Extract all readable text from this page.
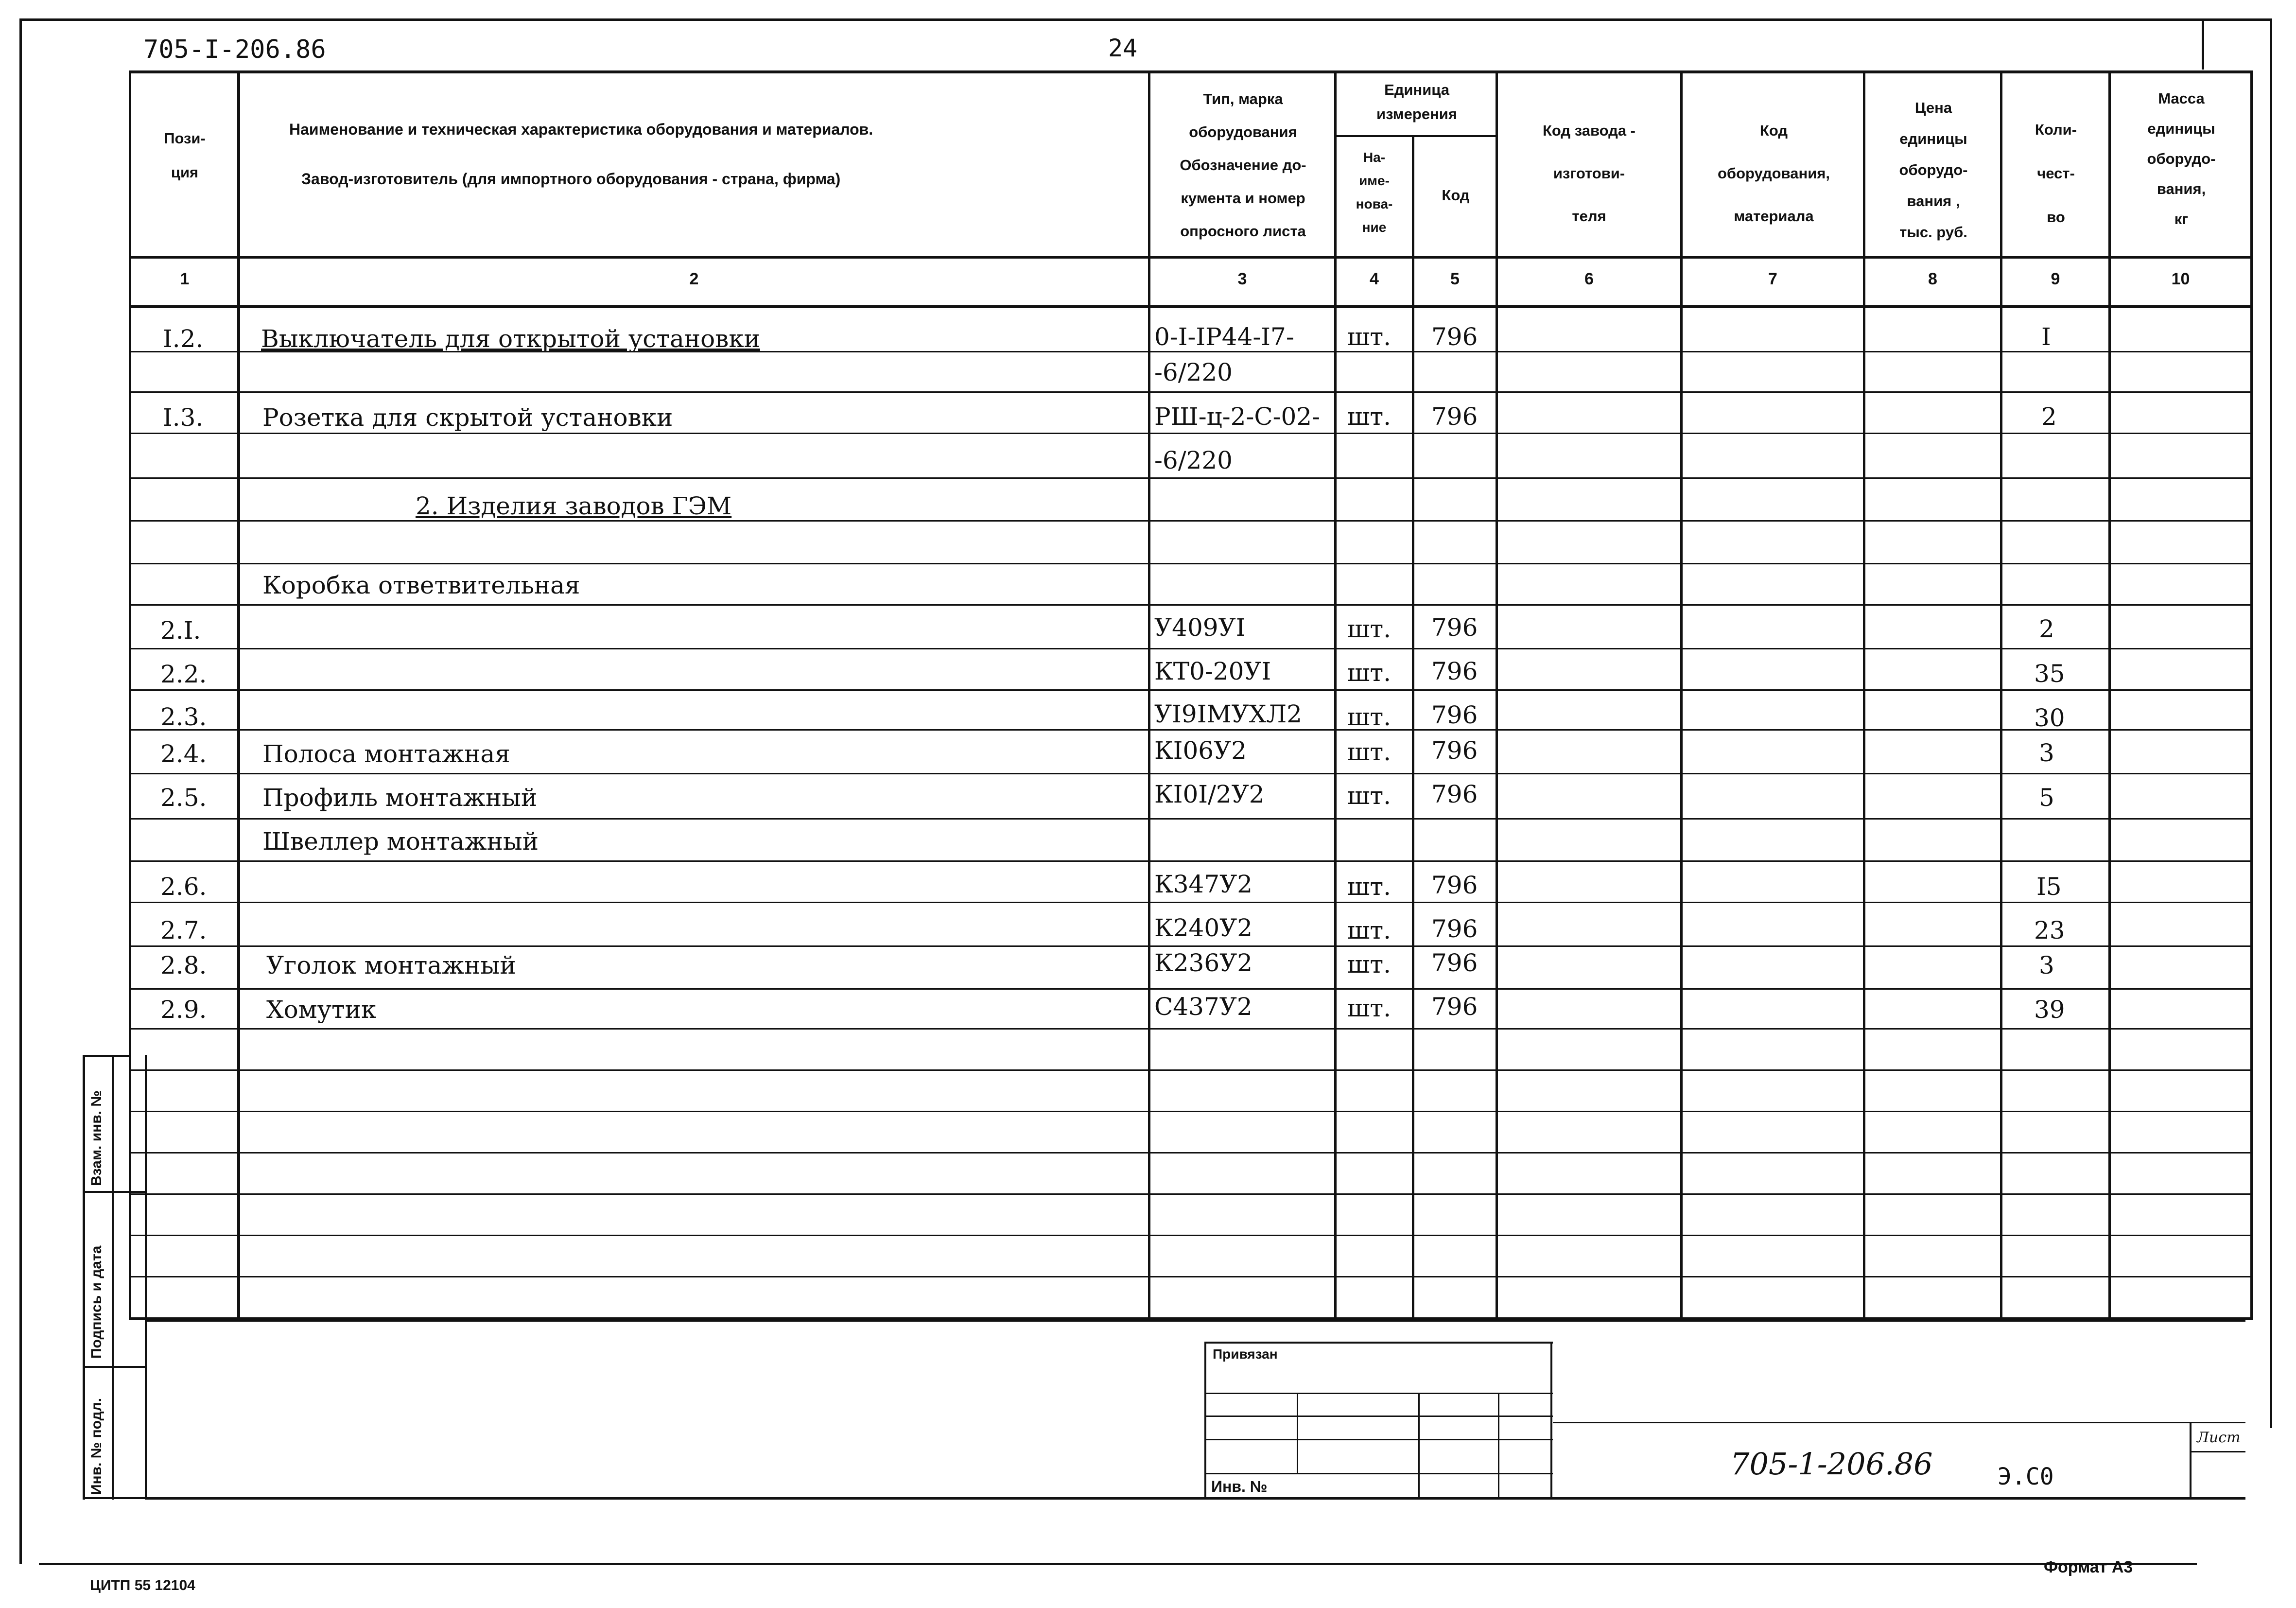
705-I-206.86	24
Пози-
ция
Наименование и техническая характеристика оборудования и материалов.
Завод-изготовитель (для импортного оборудования - страна, фирма)
Тип, марка
оборудования
Обозначение до-
кумента и номер
опросного листа
Единица
измерения
На-
име-
нова-
ние
Код
Код завода -
изготови-
теля
Код
оборудования,
материала
Цена
единицы
оборудо-
вания ,
тыс. руб.
Коли-
чест-
во
Масса
единицы
оборудо-
вания,
кг
1	2	3	4	5	6	7	8	9	10
I.2. Выключатель для открытой установки	0-I-IP44-I7- шт. 796	I
-6/220
I.3. Розетка для скрытой установки	РШ-ц-2-С-02- шт. 796	2
-6/220
2. Изделия заводов ГЭМ
Коробка ответвительная
2.I.	У409УI	шт. 796	2
2.2.	КТ0-20УI	шт. 796	35
2.3.	УI9IМУХЛ2 шт. 796	30
2.4. Полоса монтажная	КI06У2	шт. 796	3
2.5. Профиль монтажный	КI0I/2У2	шт. 796	5
Швеллер монтажный
2.6.	К347У2	шт. 796	I5
2.7.	К240У2	шт. 796	23
2.8. Уголок монтажный	К236У2	шт. 796	3
2.9. Хомутик	С437У2	шт. 796	39
Взам. инв. №
Подпись и дата
Инв. № подл.
Привязан
Инв. №
705-1-206.86	Э.С0
Лист
ЦИТП 55 12104
Формат А3
